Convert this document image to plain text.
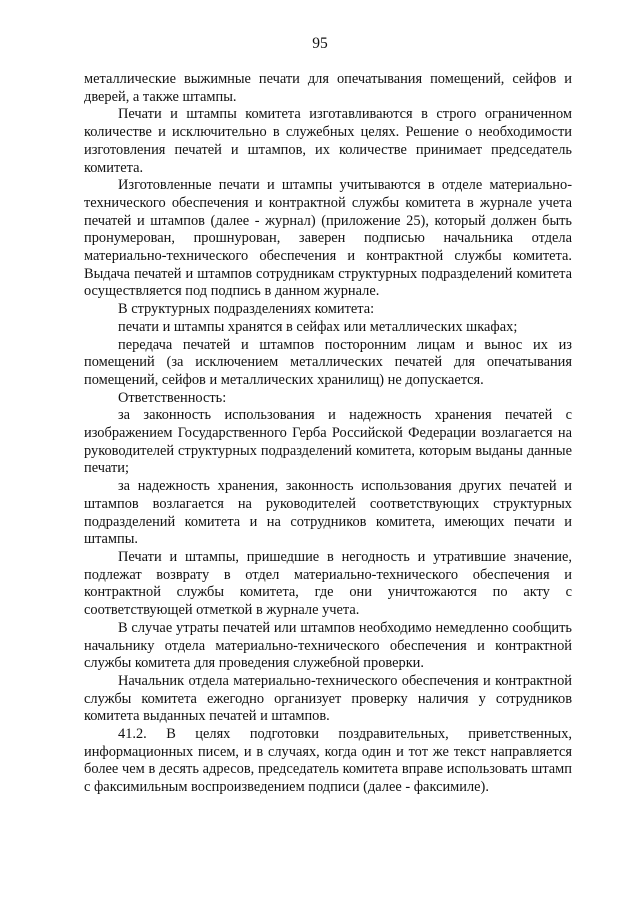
95

металлические выжимные печати для опечатывания помещений, сейфов и дверей, а также штампы.

Печати и штампы комитета изготавливаются в строго ограниченном количестве и исключительно в служебных целях. Решение о необходимости изготовления печатей и штампов, их количестве принимает председатель комитета.

Изготовленные печати и штампы учитываются в отделе материально-технического обеспечения и контрактной службы комитета в журнале учета печатей и штампов (далее - журнал) (приложение 25), который должен быть пронумерован, прошнурован, заверен подписью начальника отдела материально-технического обеспечения и контрактной службы комитета. Выдача печатей и штампов сотрудникам структурных подразделений комитета осуществляется под подпись в данном журнале.

В структурных подразделениях комитета:

печати и штампы хранятся в сейфах или металлических шкафах;

передача печатей и штампов посторонним лицам и вынос их из помещений (за исключением металлических печатей для опечатывания помещений, сейфов и металлических хранилищ) не допускается.

Ответственность:

за законность использования и надежность хранения печатей с изображением Государственного Герба Российской Федерации возлагается на руководителей структурных подразделений комитета, которым выданы данные печати;

за надежность хранения, законность использования других печатей и штампов возлагается на руководителей соответствующих структурных подразделений комитета и на сотрудников комитета, имеющих печати и штампы.

Печати и штампы, пришедшие в негодность и утратившие значение, подлежат возврату в отдел материально-технического обеспечения и контрактной службы комитета, где они уничтожаются по акту с соответствующей отметкой в журнале учета.

В случае утраты печатей или штампов необходимо немедленно сообщить начальнику отдела материально-технического обеспечения и контрактной службы комитета для проведения служебной проверки.

Начальник отдела материально-технического обеспечения и контрактной службы комитета ежегодно организует проверку наличия у сотрудников комитета выданных печатей и штампов.

41.2. В целях подготовки поздравительных, приветственных, информационных писем, и в случаях, когда один и тот же текст направляется более чем в десять адресов, председатель комитета вправе использовать штамп с факсимильным воспроизведением подписи (далее - факсимиле).
